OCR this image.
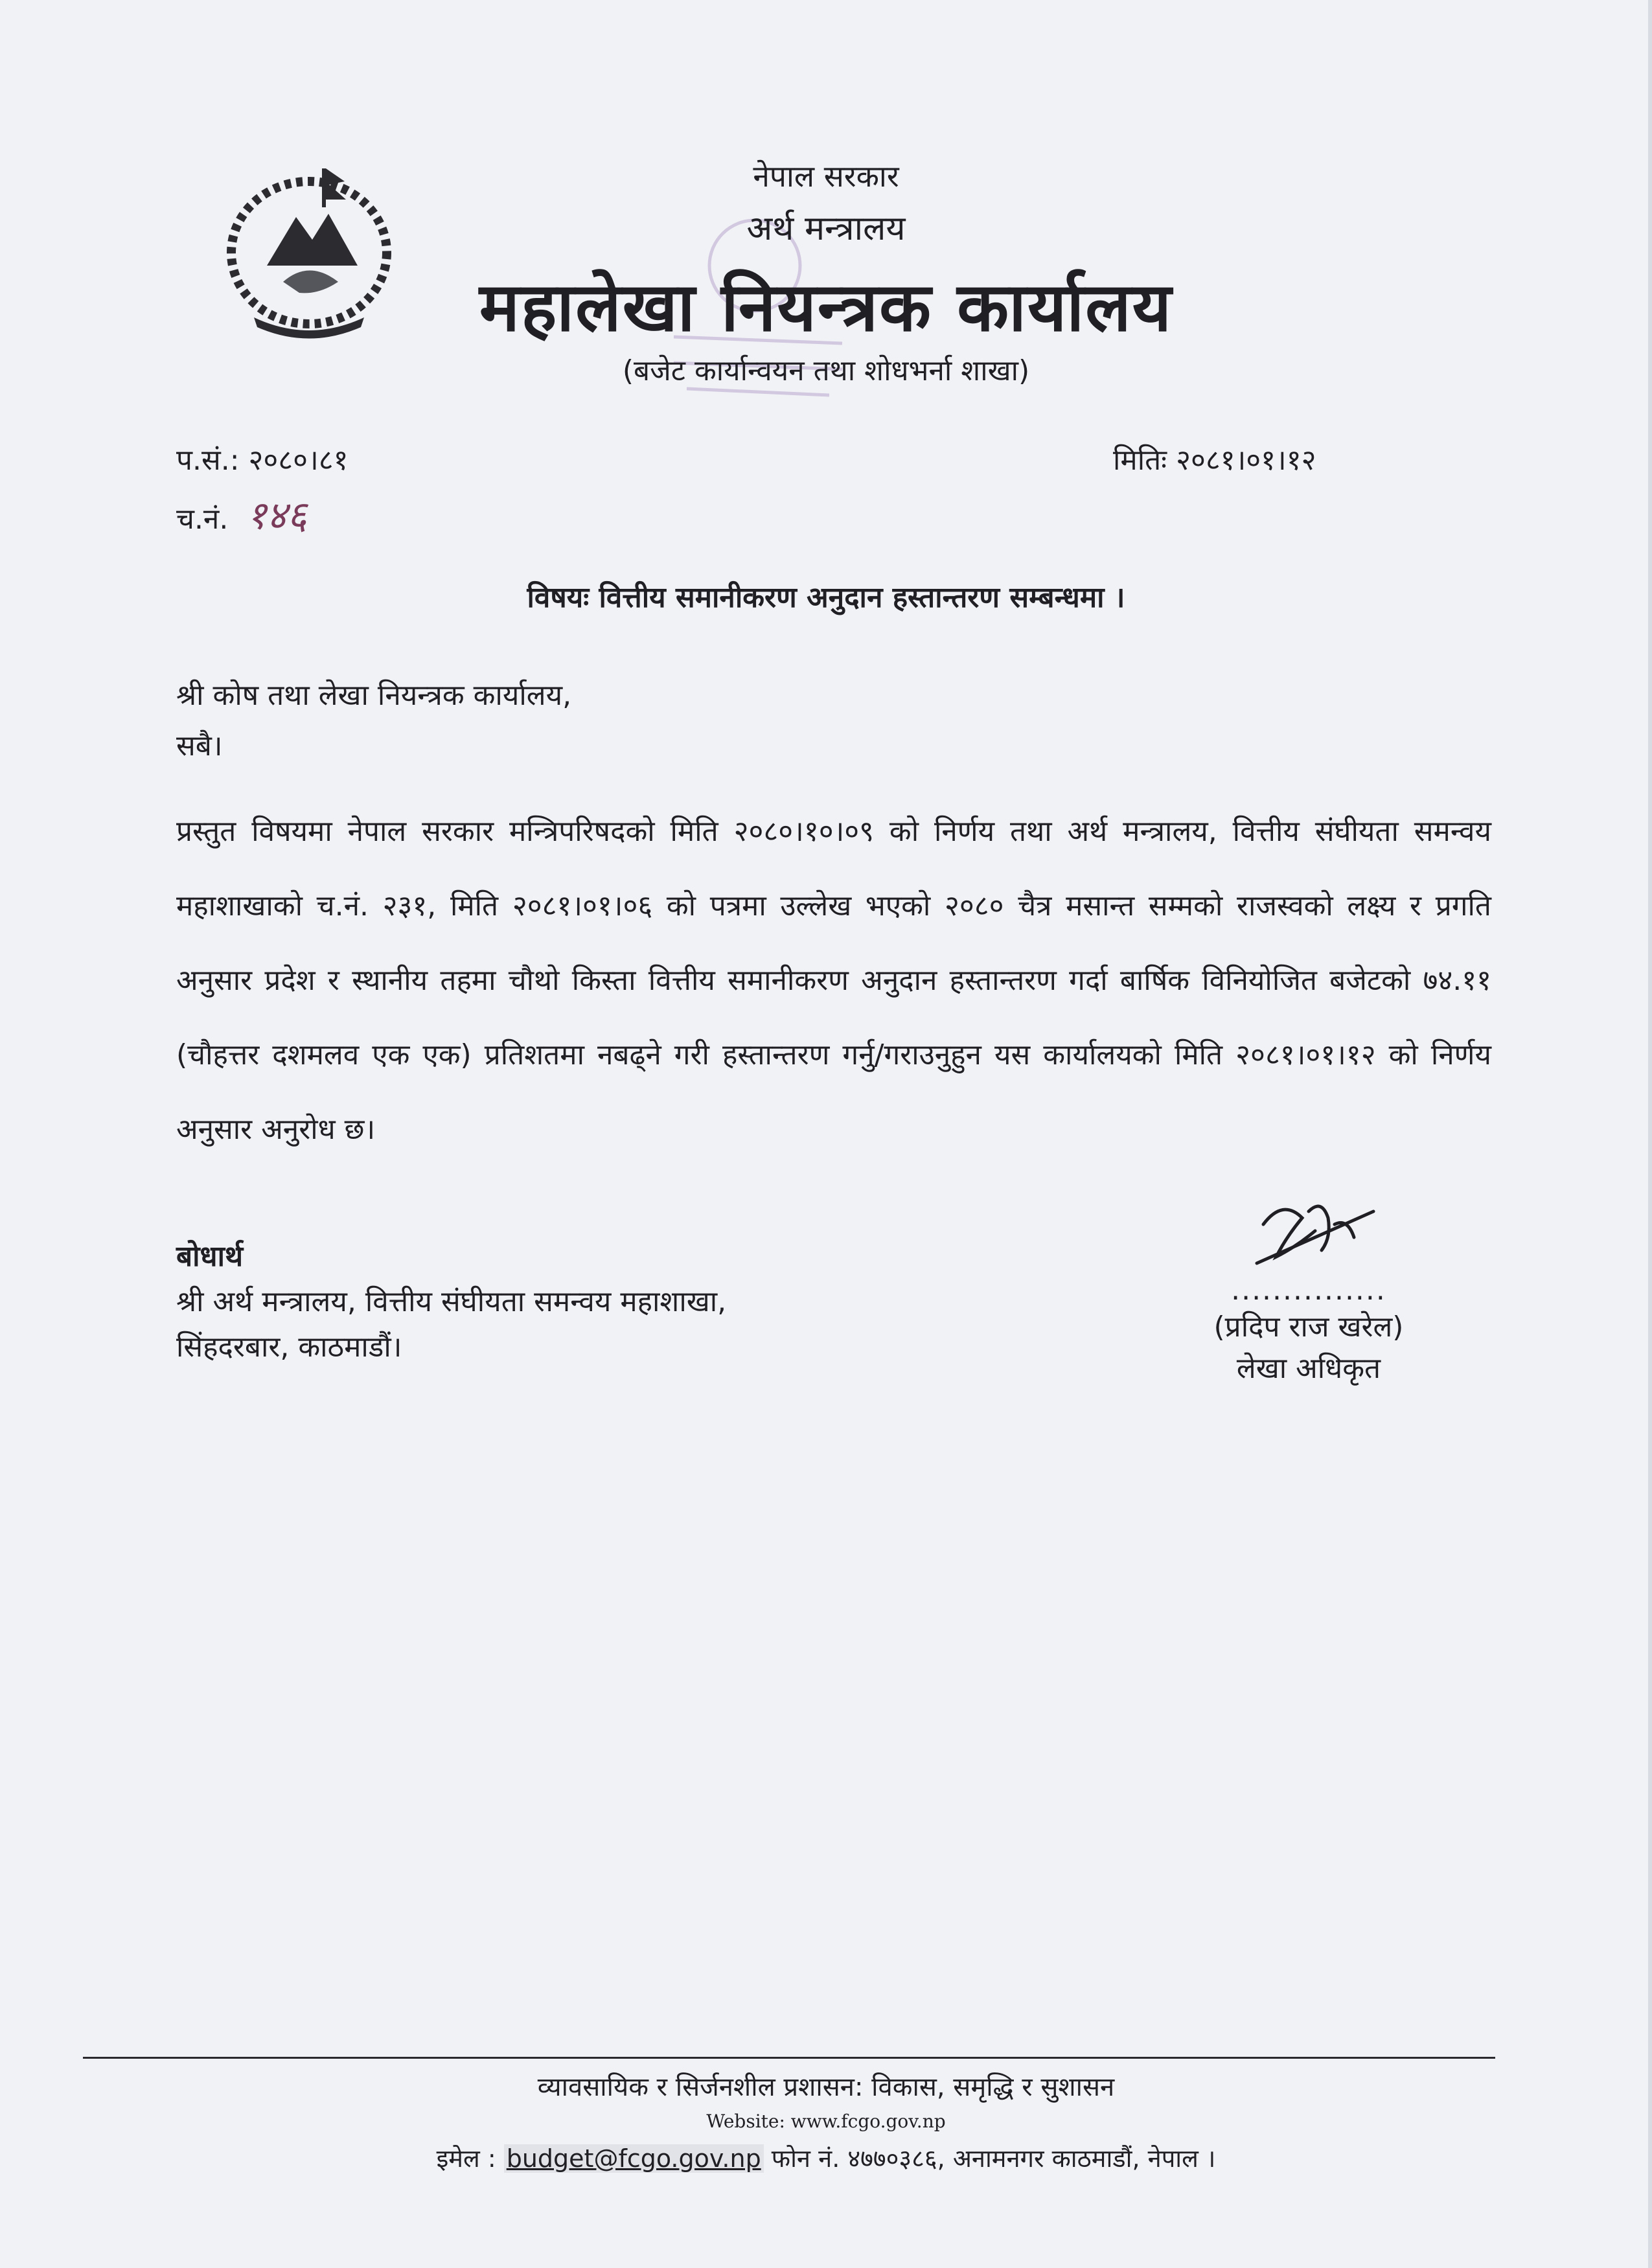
नेपाल सरकार
अर्थ मन्त्रालय
महालेखा नियन्त्रक कार्यालय
(बजेट कार्यान्वयन तथा शोधभर्ना शाखा)
प.सं.: २०८०।८१
च.नं. १४६
मितिः २०८१।०१।१२
विषयः वित्तीय समानीकरण अनुदान हस्तान्तरण सम्बन्धमा ।
श्री कोष तथा लेखा नियन्त्रक कार्यालय,
सबै।
प्रस्तुत विषयमा नेपाल सरकार मन्त्रिपरिषदको मिति २०८०।१०।०९ को निर्णय तथा अर्थ मन्त्रालय, वित्तीय संघीयता समन्वय महाशाखाको च.नं. २३१, मिति २०८१।०१।०६ को पत्रमा उल्लेख भएको २०८० चैत्र मसान्त सम्मको राजस्वको लक्ष्य र प्रगति अनुसार प्रदेश र स्थानीय तहमा चौथो किस्ता वित्तीय समानीकरण अनुदान हस्तान्तरण गर्दा बार्षिक विनियोजित बजेटको ७४.११ (चौहत्तर दशमलव एक एक) प्रतिशतमा नबढ्ने गरी हस्तान्तरण गर्नु/गराउनुहुन यस कार्यालयको मिति २०८१।०१।१२ को निर्णय अनुसार अनुरोध छ।
बोधार्थ
श्री अर्थ मन्त्रालय, वित्तीय संघीयता समन्वय महाशाखा,
सिंहदरबार, काठमाडौं।
...............
(प्रदिप राज खरेल)
लेखा अधिकृत
व्यावसायिक र सिर्जनशील प्रशासन: विकास, समृद्धि र सुशासन
Website: www.fcgo.gov.np
इमेल : budget@fcgo.gov.np फोन नं. ४७७०३८६, अनामनगर काठमाडौं, नेपाल ।
